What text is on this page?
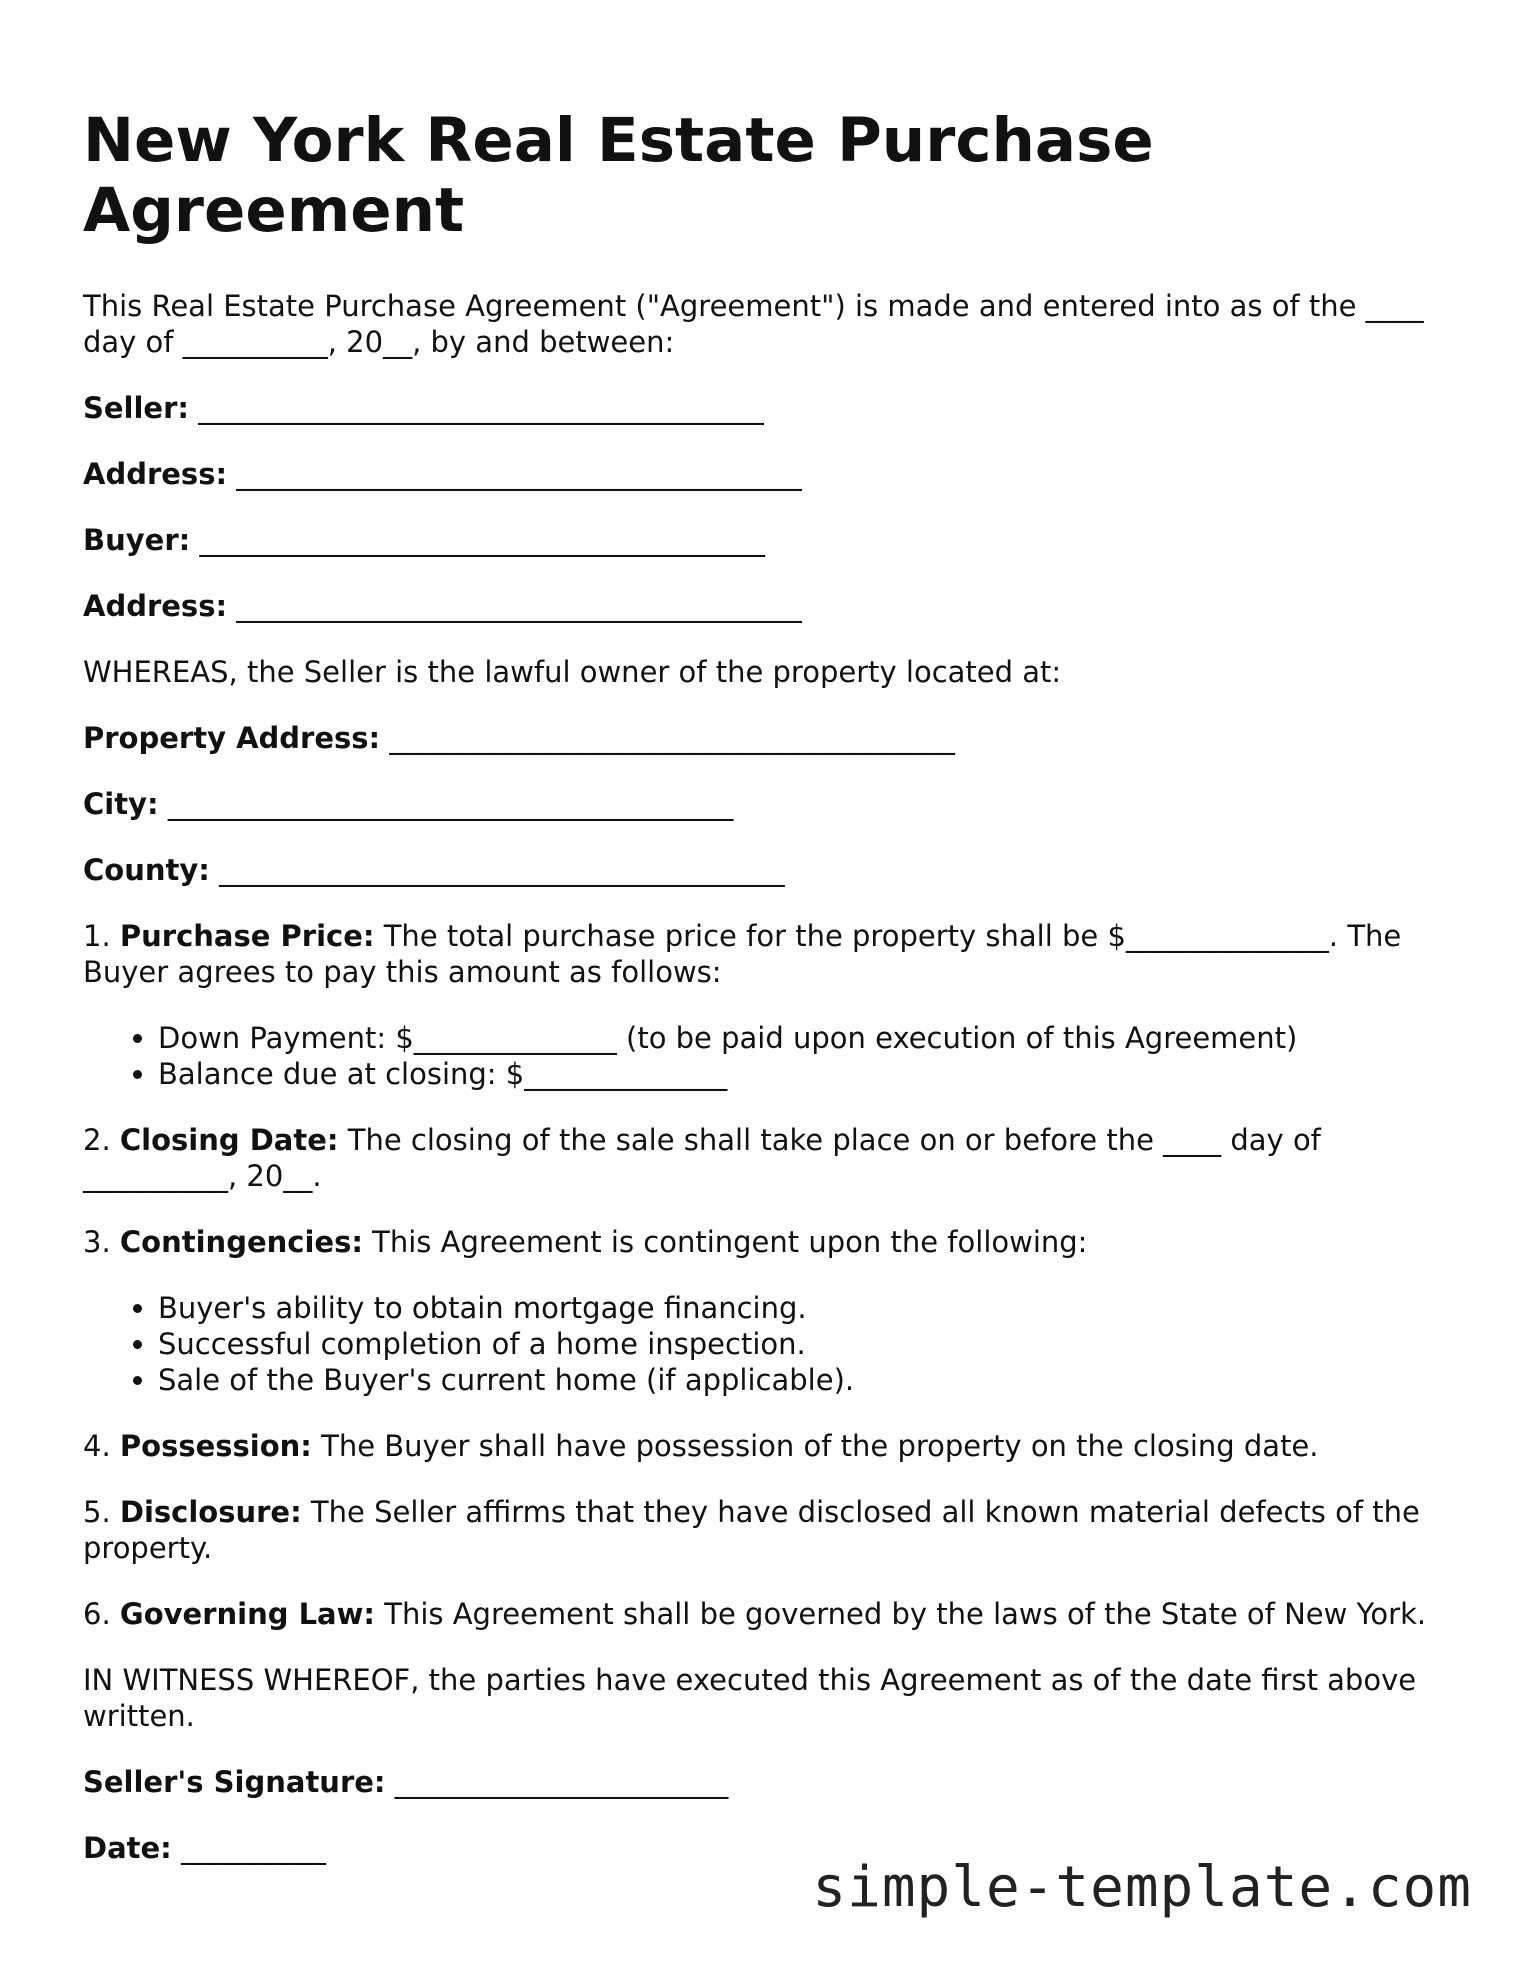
New York Real Estate Purchase Agreement

This Real Estate Purchase Agreement ("Agreement") is made and entered into as of the ____ day of __________, 20__, by and between:

Seller: _______________________________________

Address: _______________________________________

Buyer: _______________________________________

Address: _______________________________________

WHEREAS, the Seller is the lawful owner of the property located at:

Property Address: _______________________________________

City: _______________________________________

County: _______________________________________

1. Purchase Price: The total purchase price for the property shall be $______________. The Buyer agrees to pay this amount as follows:

• Down Payment: $______________ (to be paid upon execution of this Agreement)
• Balance due at closing: $______________

2. Closing Date: The closing of the sale shall take place on or before the ____ day of __________, 20__.

3. Contingencies: This Agreement is contingent upon the following:

• Buyer's ability to obtain mortgage financing.
• Successful completion of a home inspection.
• Sale of the Buyer's current home (if applicable).

4. Possession: The Buyer shall have possession of the property on the closing date.

5. Disclosure: The Seller affirms that they have disclosed all known material defects of the property.

6. Governing Law: This Agreement shall be governed by the laws of the State of New York.

IN WITNESS WHEREOF, the parties have executed this Agreement as of the date first above written.

Seller's Signature: _______________________

Date: __________

simple-template.com
